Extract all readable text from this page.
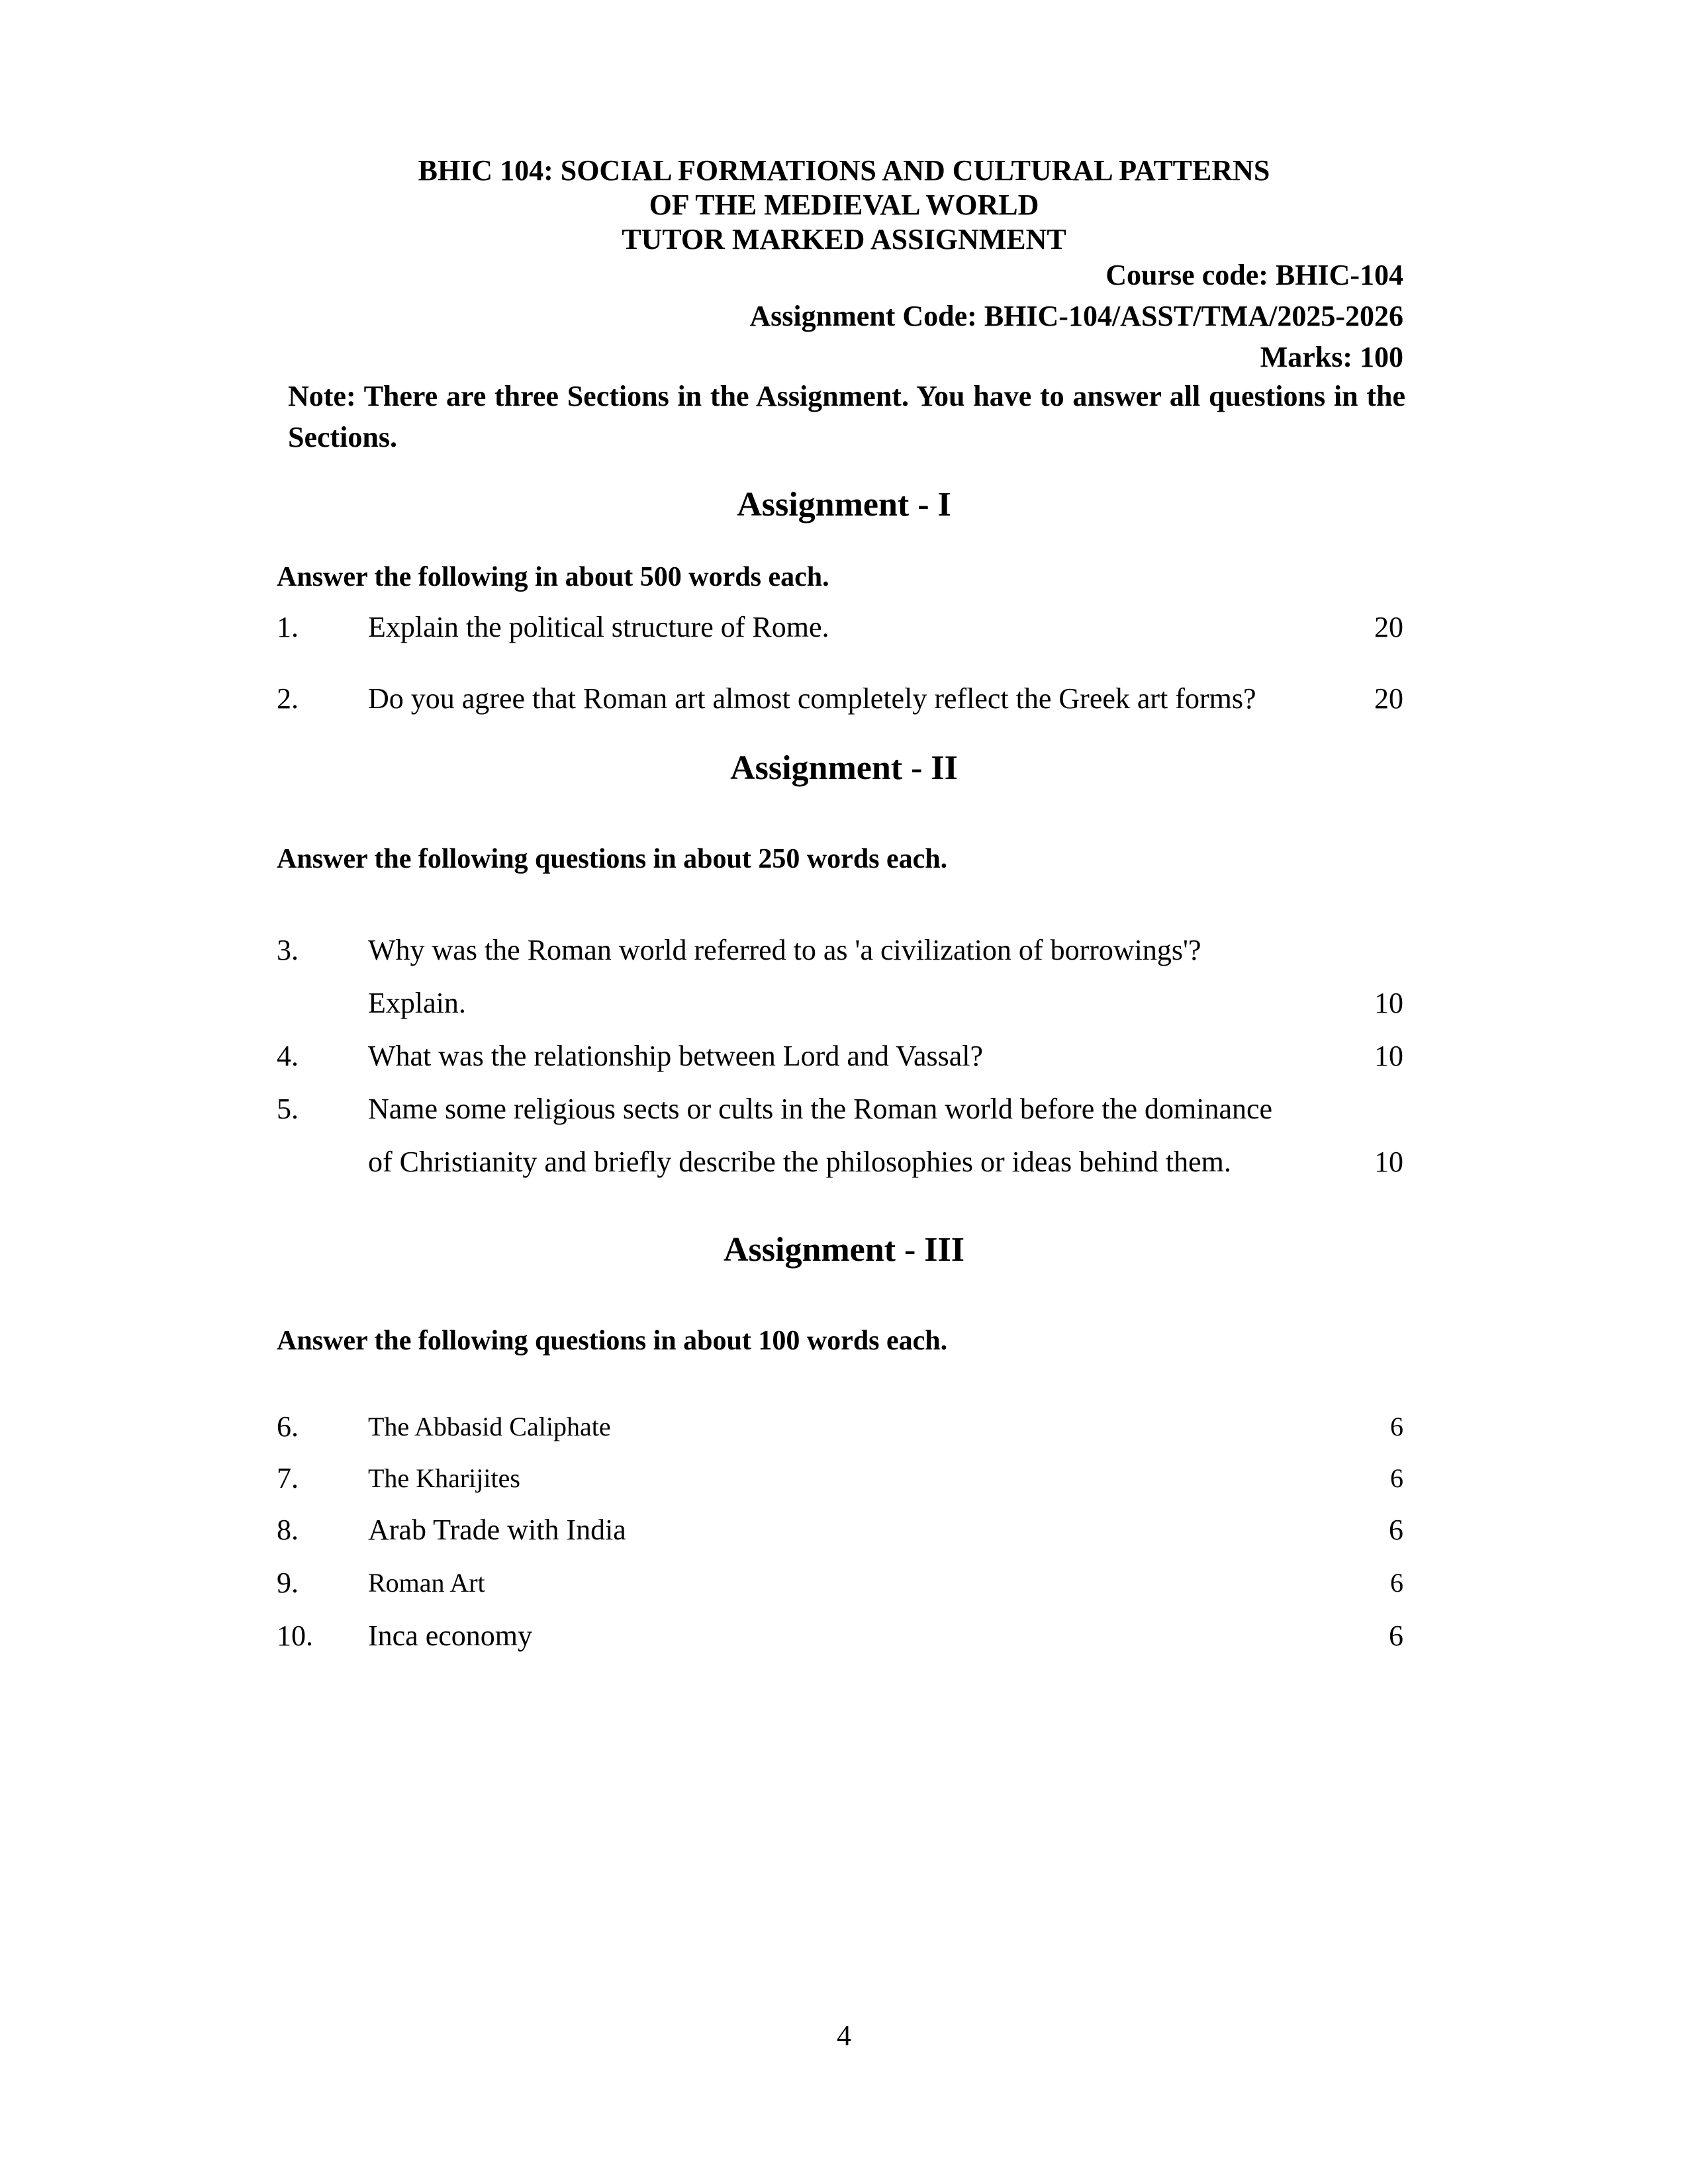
BHIC 104: SOCIAL FORMATIONS AND CULTURAL PATTERNS
OF THE MEDIEVAL WORLD
TUTOR MARKED ASSIGNMENT
Course code: BHIC-104
Assignment Code: BHIC-104/ASST/TMA/2025-2026
Marks: 100
Note: There are three Sections in the Assignment. You have to answer all questions in the Sections.
Assignment - I
Answer the following in about 500 words each.
1. Explain the political structure of Rome.	20
2. Do you agree that Roman art almost completely reflect the Greek art forms?	20
Assignment - II
Answer the following questions in about 250 words each.
3. Why was the Roman world referred to as 'a civilization of borrowings'?
Explain.	10
4. What was the relationship between Lord and Vassal?	10
5. Name some religious sects or cults in the Roman world before the dominance
of Christianity and briefly describe the philosophies or ideas behind them.	10
Assignment - III
Answer the following questions in about 100 words each.
6.	The Abbasid Caliphate	6
7.	The Kharijites	6
8. Arab Trade with India	6
9.	Roman Art	6
10. Inca economy	6
4
